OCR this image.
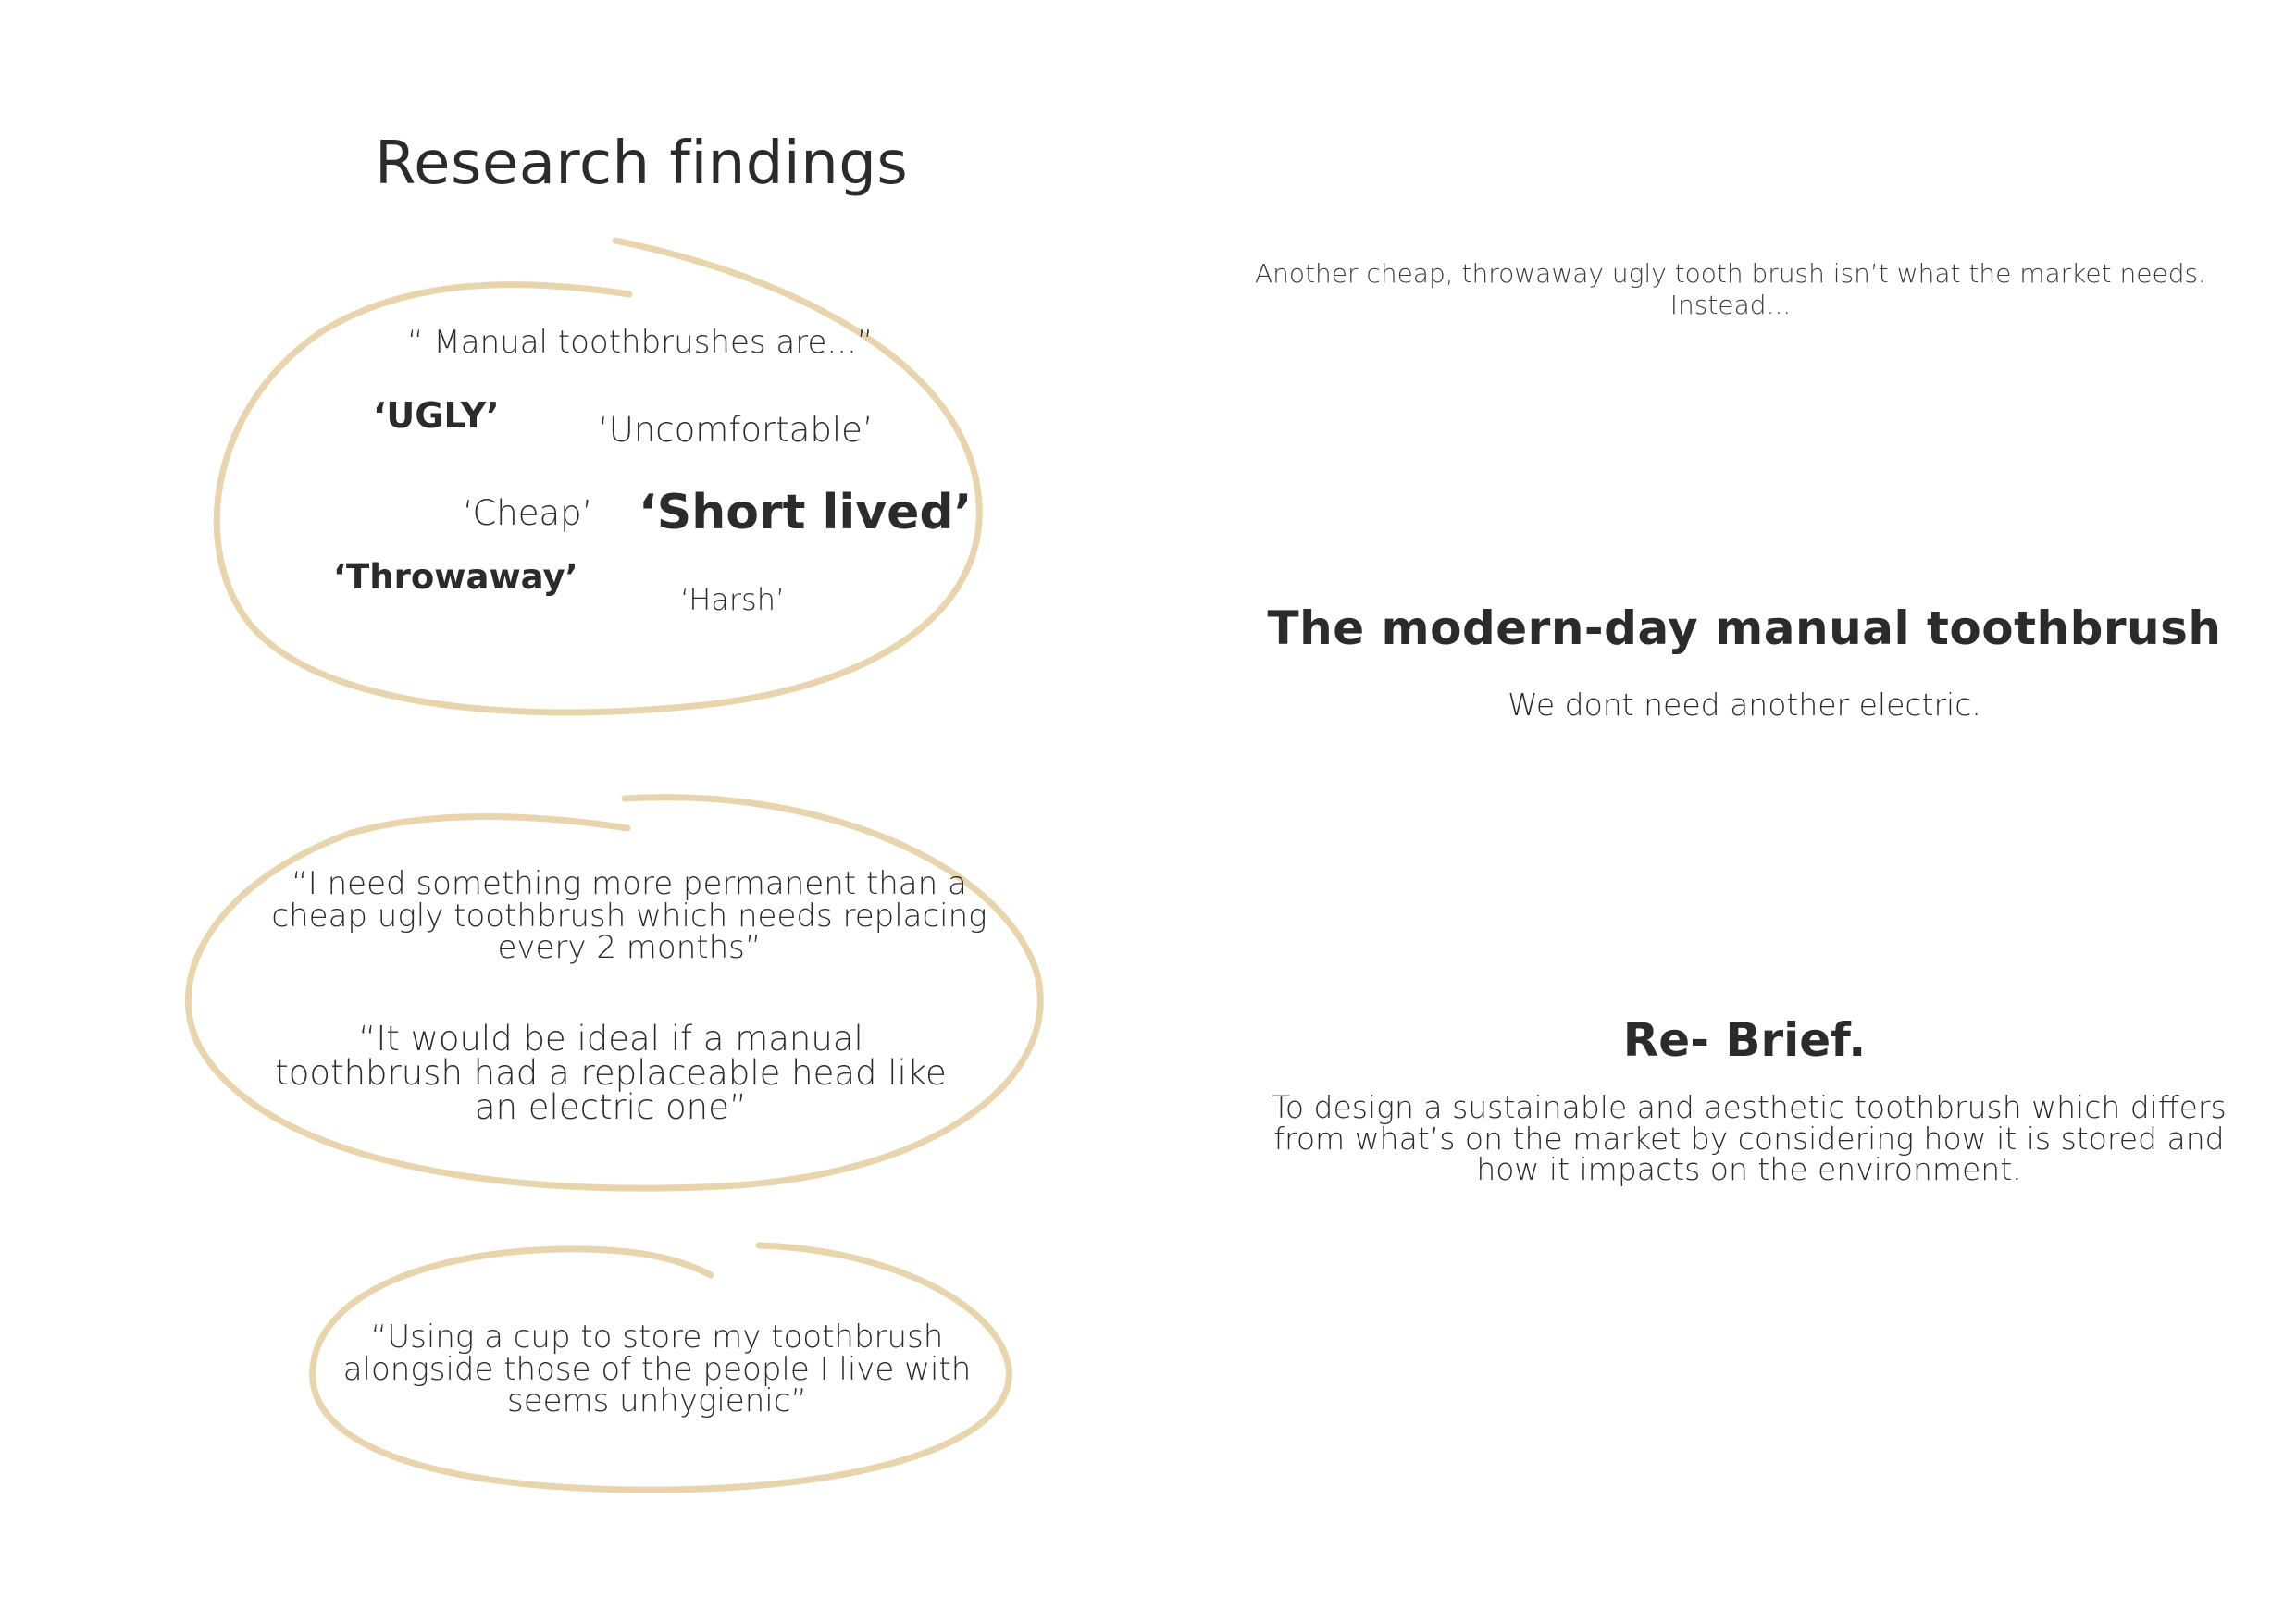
Research findings
“ Manual toothbrushes are...”
‘UGLY’	‘Uncomfortable’
‘Cheap’ ‘Short lived’
‘Throwaway’
‘Harsh’
“I need something more permanent than a cheap ugly toothbrush which needs replacing every 2 months”
“It would be ideal if a manual toothbrush had a replaceable head like an electric one”
“Using a cup to store my toothbrush alongside those of the people I live with seems unhygienic”
Another cheap, throwaway ugly tooth brush isn’t what the market needs.
Instead...
The modern-day manual toothbrush
We dont need another electric.
Re- Brief.
To design a sustainable and aesthetic toothbrush which differs from what’s on the market by considering how it is stored and how it impacts on the environment.
